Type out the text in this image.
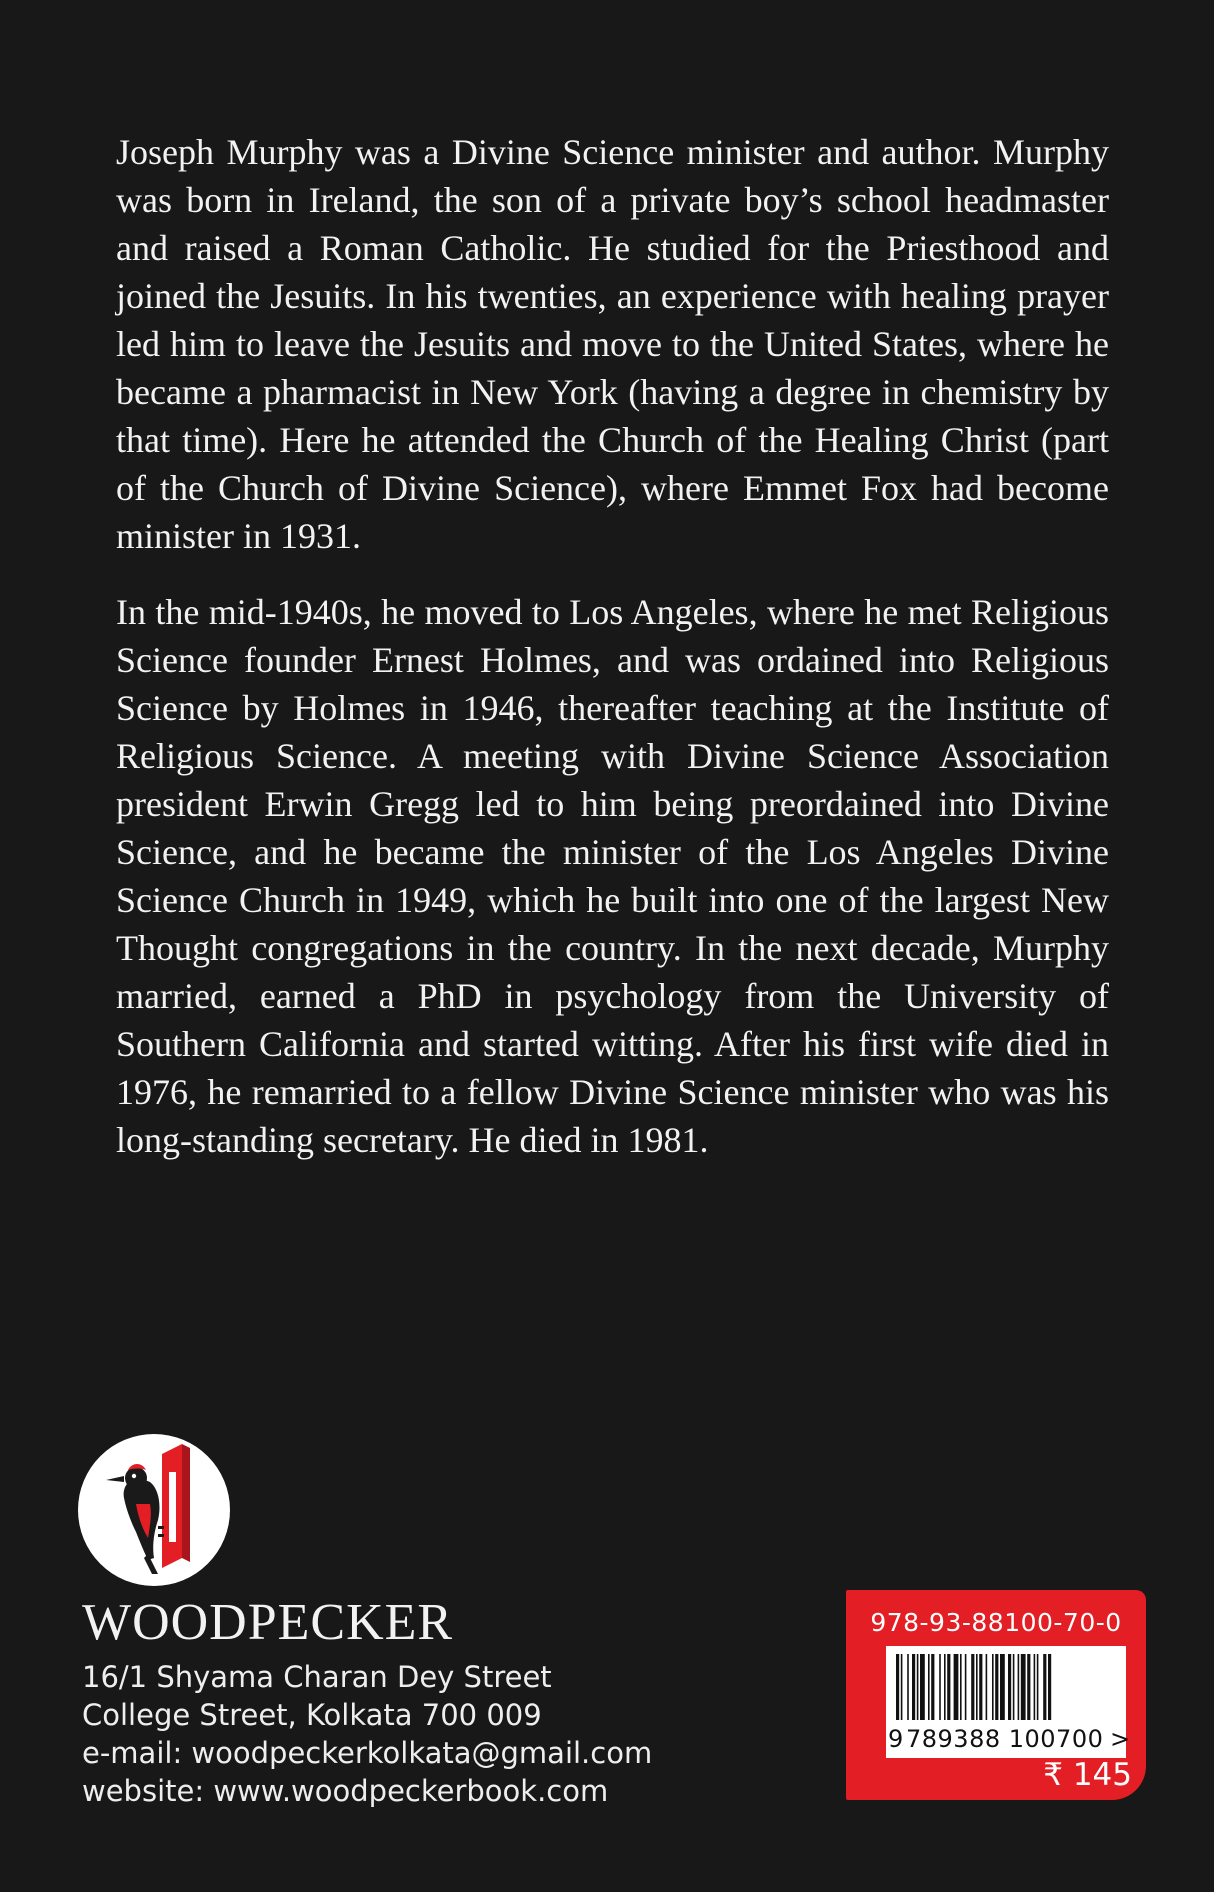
Joseph Murphy was a Divine Science minister and author. Murphy was born in Ireland, the son of a private boy’s school headmaster and raised a Roman Catholic. He studied for the Priesthood and joined the Jesuits. In his twenties, an experience with healing prayer led him to leave the Jesuits and move to the United States, where he became a pharmacist in New York (having a degree in chemistry by that time). Here he attended the Church of the Healing Christ (part of the Church of Divine Science), where Emmet Fox had become minister in 1931.

In the mid-1940s, he moved to Los Angeles, where he met Religious Science founder Ernest Holmes, and was ordained into Religious Science by Holmes in 1946, thereafter teaching at the Institute of Religious Science. A meeting with Divine Science Association president Erwin Gregg led to him being preordained into Divine Science, and he became the minister of the Los Angeles Divine Science Church in 1949, which he built into one of the largest New Thought congregations in the country. In the next decade, Murphy married, earned a PhD in psychology from the University of Southern California and started witting. After his first wife died in 1976, he remarried to a fellow Divine Science minister who was his long-standing secretary. He died in 1981.

WOODPECKER
16/1 Shyama Charan Dey Street
College Street, Kolkata 700 009
e-mail: woodpeckerkolkata@gmail.com
website: www.woodpeckerbook.com
978-93-88100-70-0
9 789388 100700 >
₹ 145
